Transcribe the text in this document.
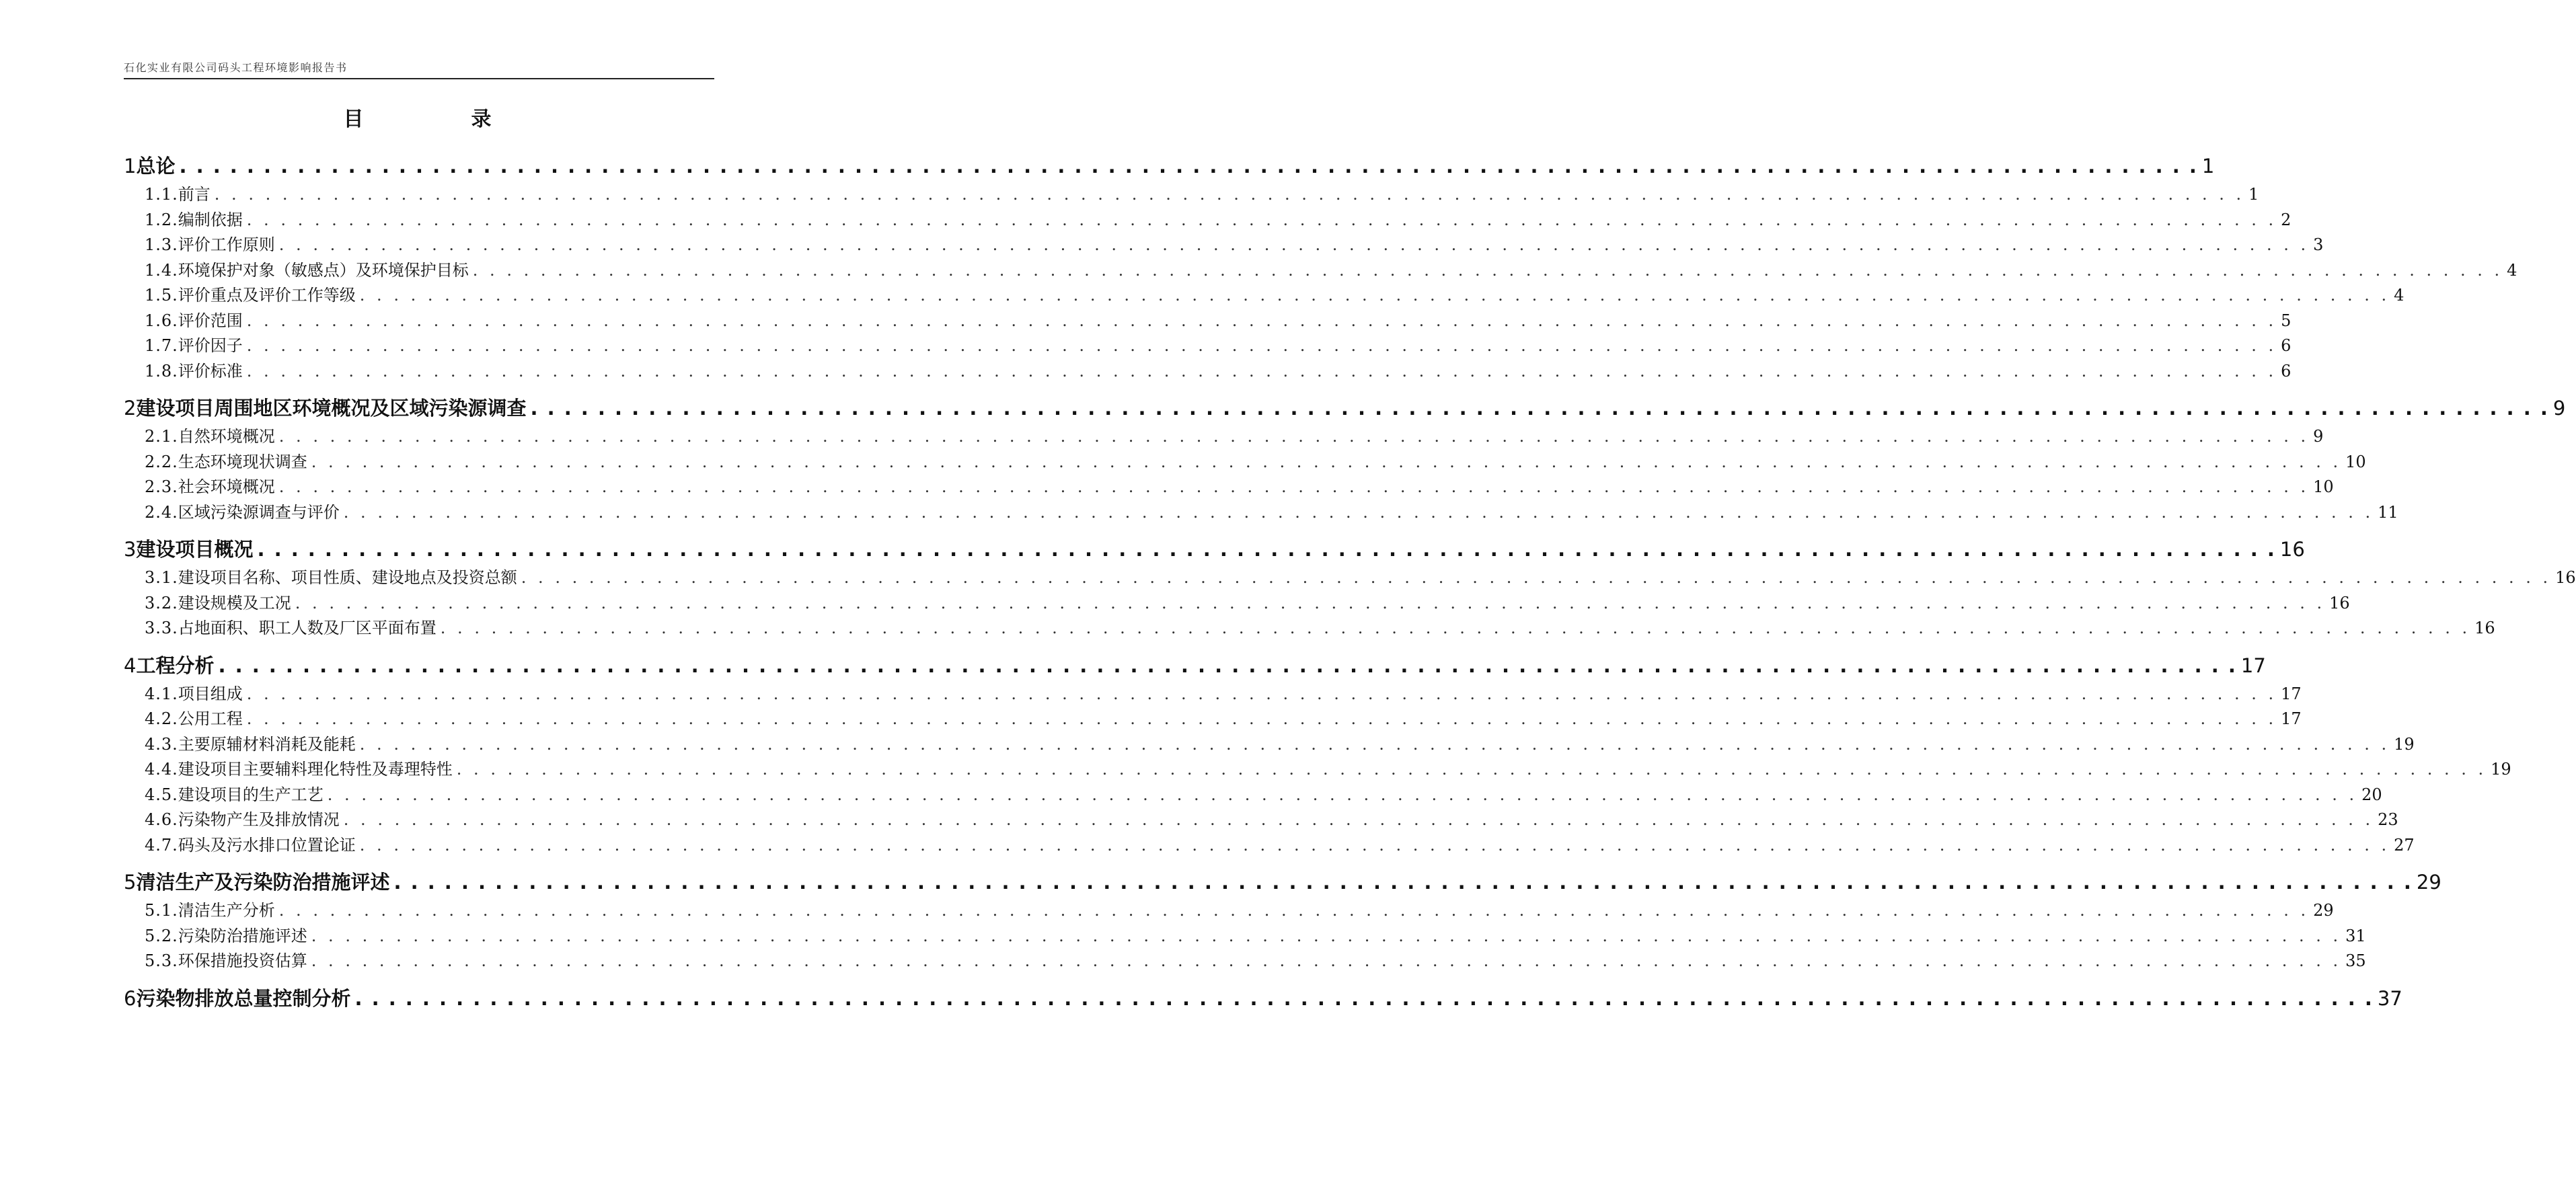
石化实业有限公司码头工程环境影响报告书
目录
1 总论 . . . . . . . . . . . . . . . . . . . . . . . . . . . . . . . . . . . . . . . . . . . . . . . . . . . . . . . . . . . . . . . . . . . . . . . . . . . . . . . . . . . . . . . . . . . . . . . . . . . . . . . . . . . . . . . . . . . . . . . . 1
1.1. 前言 . . . . . . . . . . . . . . . . . . . . . . . . . . . . . . . . . . . . . . . . . . . . . . . . . . . . . . . . . . . . . . . . . . . . . . . . . . . . . . . . . . . . . . . . . . . . . . . . . . . . . . . . . . . . . . . . . . . . . . . . 1
1.2. 编制依据 . . . . . . . . . . . . . . . . . . . . . . . . . . . . . . . . . . . . . . . . . . . . . . . . . . . . . . . . . . . . . . . . . . . . . . . . . . . . . . . . . . . . . . . . . . . . . . . . . . . . . . . . . . . . . . . . . . . . . . . . 2
1.3. 评价工作原则 . . . . . . . . . . . . . . . . . . . . . . . . . . . . . . . . . . . . . . . . . . . . . . . . . . . . . . . . . . . . . . . . . . . . . . . . . . . . . . . . . . . . . . . . . . . . . . . . . . . . . . . . . . . . . . . . . . . . . . . . 3
1.4. 环境保护对象（敏感点）及环境保护目标 . . . . . . . . . . . . . . . . . . . . . . . . . . . . . . . . . . . . . . . . . . . . . . . . . . . . . . . . . . . . . . . . . . . . . . . . . . . . . . . . . . . . . . . . . . . . . . . . . . . . . . . . . . . . . . . . . . . . . . . . 4
1.5. 评价重点及评价工作等级 . . . . . . . . . . . . . . . . . . . . . . . . . . . . . . . . . . . . . . . . . . . . . . . . . . . . . . . . . . . . . . . . . . . . . . . . . . . . . . . . . . . . . . . . . . . . . . . . . . . . . . . . . . . . . . . . . . . . . . . . 4
1.6. 评价范围 . . . . . . . . . . . . . . . . . . . . . . . . . . . . . . . . . . . . . . . . . . . . . . . . . . . . . . . . . . . . . . . . . . . . . . . . . . . . . . . . . . . . . . . . . . . . . . . . . . . . . . . . . . . . . . . . . . . . . . . . 5
1.7. 评价因子 . . . . . . . . . . . . . . . . . . . . . . . . . . . . . . . . . . . . . . . . . . . . . . . . . . . . . . . . . . . . . . . . . . . . . . . . . . . . . . . . . . . . . . . . . . . . . . . . . . . . . . . . . . . . . . . . . . . . . . . . 6
1.8. 评价标准 . . . . . . . . . . . . . . . . . . . . . . . . . . . . . . . . . . . . . . . . . . . . . . . . . . . . . . . . . . . . . . . . . . . . . . . . . . . . . . . . . . . . . . . . . . . . . . . . . . . . . . . . . . . . . . . . . . . . . . . . 6
2 建设项目周围地区环境概况及区域污染源调查 . . . . . . . . . . . . . . . . . . . . . . . . . . . . . . . . . . . . . . . . . . . . . . . . . . . . . . . . . . . . . . . . . . . . . . . . . . . . . . . . . . . . . . . . . . . . . . . . . . . . . . . . . . . . . . . . . . . . . . . . 9
2.1. 自然环境概况 . . . . . . . . . . . . . . . . . . . . . . . . . . . . . . . . . . . . . . . . . . . . . . . . . . . . . . . . . . . . . . . . . . . . . . . . . . . . . . . . . . . . . . . . . . . . . . . . . . . . . . . . . . . . . . . . . . . . . . . . 9
2.2. 生态环境现状调查 . . . . . . . . . . . . . . . . . . . . . . . . . . . . . . . . . . . . . . . . . . . . . . . . . . . . . . . . . . . . . . . . . . . . . . . . . . . . . . . . . . . . . . . . . . . . . . . . . . . . . . . . . . . . . . . . . . . . . . . . 10
2.3. 社会环境概况 . . . . . . . . . . . . . . . . . . . . . . . . . . . . . . . . . . . . . . . . . . . . . . . . . . . . . . . . . . . . . . . . . . . . . . . . . . . . . . . . . . . . . . . . . . . . . . . . . . . . . . . . . . . . . . . . . . . . . . . . 10
2.4. 区域污染源调查与评价 . . . . . . . . . . . . . . . . . . . . . . . . . . . . . . . . . . . . . . . . . . . . . . . . . . . . . . . . . . . . . . . . . . . . . . . . . . . . . . . . . . . . . . . . . . . . . . . . . . . . . . . . . . . . . . . . . . . . . . . . 11
3 建设项目概况 . . . . . . . . . . . . . . . . . . . . . . . . . . . . . . . . . . . . . . . . . . . . . . . . . . . . . . . . . . . . . . . . . . . . . . . . . . . . . . . . . . . . . . . . . . . . . . . . . . . . . . . . . . . . . . . . . . . . . . . . 16
3.1. 建设项目名称、项目性质、建设地点及投资总额 . . . . . . . . . . . . . . . . . . . . . . . . . . . . . . . . . . . . . . . . . . . . . . . . . . . . . . . . . . . . . . . . . . . . . . . . . . . . . . . . . . . . . . . . . . . . . . . . . . . . . . . . . . . . . . . . . . . . . . . . 16
3.2. 建设规模及工况 . . . . . . . . . . . . . . . . . . . . . . . . . . . . . . . . . . . . . . . . . . . . . . . . . . . . . . . . . . . . . . . . . . . . . . . . . . . . . . . . . . . . . . . . . . . . . . . . . . . . . . . . . . . . . . . . . . . . . . . . 16
3.3. 占地面积、职工人数及厂区平面布置 . . . . . . . . . . . . . . . . . . . . . . . . . . . . . . . . . . . . . . . . . . . . . . . . . . . . . . . . . . . . . . . . . . . . . . . . . . . . . . . . . . . . . . . . . . . . . . . . . . . . . . . . . . . . . . . . . . . . . . . . 16
4 工程分析 . . . . . . . . . . . . . . . . . . . . . . . . . . . . . . . . . . . . . . . . . . . . . . . . . . . . . . . . . . . . . . . . . . . . . . . . . . . . . . . . . . . . . . . . . . . . . . . . . . . . . . . . . . . . . . . . . . . . . . . . 17
4.1. 项目组成 . . . . . . . . . . . . . . . . . . . . . . . . . . . . . . . . . . . . . . . . . . . . . . . . . . . . . . . . . . . . . . . . . . . . . . . . . . . . . . . . . . . . . . . . . . . . . . . . . . . . . . . . . . . . . . . . . . . . . . . . 17
4.2. 公用工程 . . . . . . . . . . . . . . . . . . . . . . . . . . . . . . . . . . . . . . . . . . . . . . . . . . . . . . . . . . . . . . . . . . . . . . . . . . . . . . . . . . . . . . . . . . . . . . . . . . . . . . . . . . . . . . . . . . . . . . . . 17
4.3. 主要原辅材料消耗及能耗 . . . . . . . . . . . . . . . . . . . . . . . . . . . . . . . . . . . . . . . . . . . . . . . . . . . . . . . . . . . . . . . . . . . . . . . . . . . . . . . . . . . . . . . . . . . . . . . . . . . . . . . . . . . . . . . . . . . . . . . . 19
4.4. 建设项目主要辅料理化特性及毒理特性 . . . . . . . . . . . . . . . . . . . . . . . . . . . . . . . . . . . . . . . . . . . . . . . . . . . . . . . . . . . . . . . . . . . . . . . . . . . . . . . . . . . . . . . . . . . . . . . . . . . . . . . . . . . . . . . . . . . . . . . . 19
4.5. 建设项目的生产工艺 . . . . . . . . . . . . . . . . . . . . . . . . . . . . . . . . . . . . . . . . . . . . . . . . . . . . . . . . . . . . . . . . . . . . . . . . . . . . . . . . . . . . . . . . . . . . . . . . . . . . . . . . . . . . . . . . . . . . . . . . 20
4.6. 污染物产生及排放情况 . . . . . . . . . . . . . . . . . . . . . . . . . . . . . . . . . . . . . . . . . . . . . . . . . . . . . . . . . . . . . . . . . . . . . . . . . . . . . . . . . . . . . . . . . . . . . . . . . . . . . . . . . . . . . . . . . . . . . . . . 23
4.7. 码头及污水排口位置论证 . . . . . . . . . . . . . . . . . . . . . . . . . . . . . . . . . . . . . . . . . . . . . . . . . . . . . . . . . . . . . . . . . . . . . . . . . . . . . . . . . . . . . . . . . . . . . . . . . . . . . . . . . . . . . . . . . . . . . . . . 27
5 清洁生产及污染防治措施评述 . . . . . . . . . . . . . . . . . . . . . . . . . . . . . . . . . . . . . . . . . . . . . . . . . . . . . . . . . . . . . . . . . . . . . . . . . . . . . . . . . . . . . . . . . . . . . . . . . . . . . . . . . . . . . . . . . . . . . . . . 29
5.1. 清洁生产分析 . . . . . . . . . . . . . . . . . . . . . . . . . . . . . . . . . . . . . . . . . . . . . . . . . . . . . . . . . . . . . . . . . . . . . . . . . . . . . . . . . . . . . . . . . . . . . . . . . . . . . . . . . . . . . . . . . . . . . . . . 29
5.2. 污染防治措施评述 . . . . . . . . . . . . . . . . . . . . . . . . . . . . . . . . . . . . . . . . . . . . . . . . . . . . . . . . . . . . . . . . . . . . . . . . . . . . . . . . . . . . . . . . . . . . . . . . . . . . . . . . . . . . . . . . . . . . . . . . 31
5.3. 环保措施投资估算 . . . . . . . . . . . . . . . . . . . . . . . . . . . . . . . . . . . . . . . . . . . . . . . . . . . . . . . . . . . . . . . . . . . . . . . . . . . . . . . . . . . . . . . . . . . . . . . . . . . . . . . . . . . . . . . . . . . . . . . . 35
6 污染物排放总量控制分析 . . . . . . . . . . . . . . . . . . . . . . . . . . . . . . . . . . . . . . . . . . . . . . . . . . . . . . . . . . . . . . . . . . . . . . . . . . . . . . . . . . . . . . . . . . . . . . . . . . . . . . . . . . . . . . . . . . . . . . . . 37
